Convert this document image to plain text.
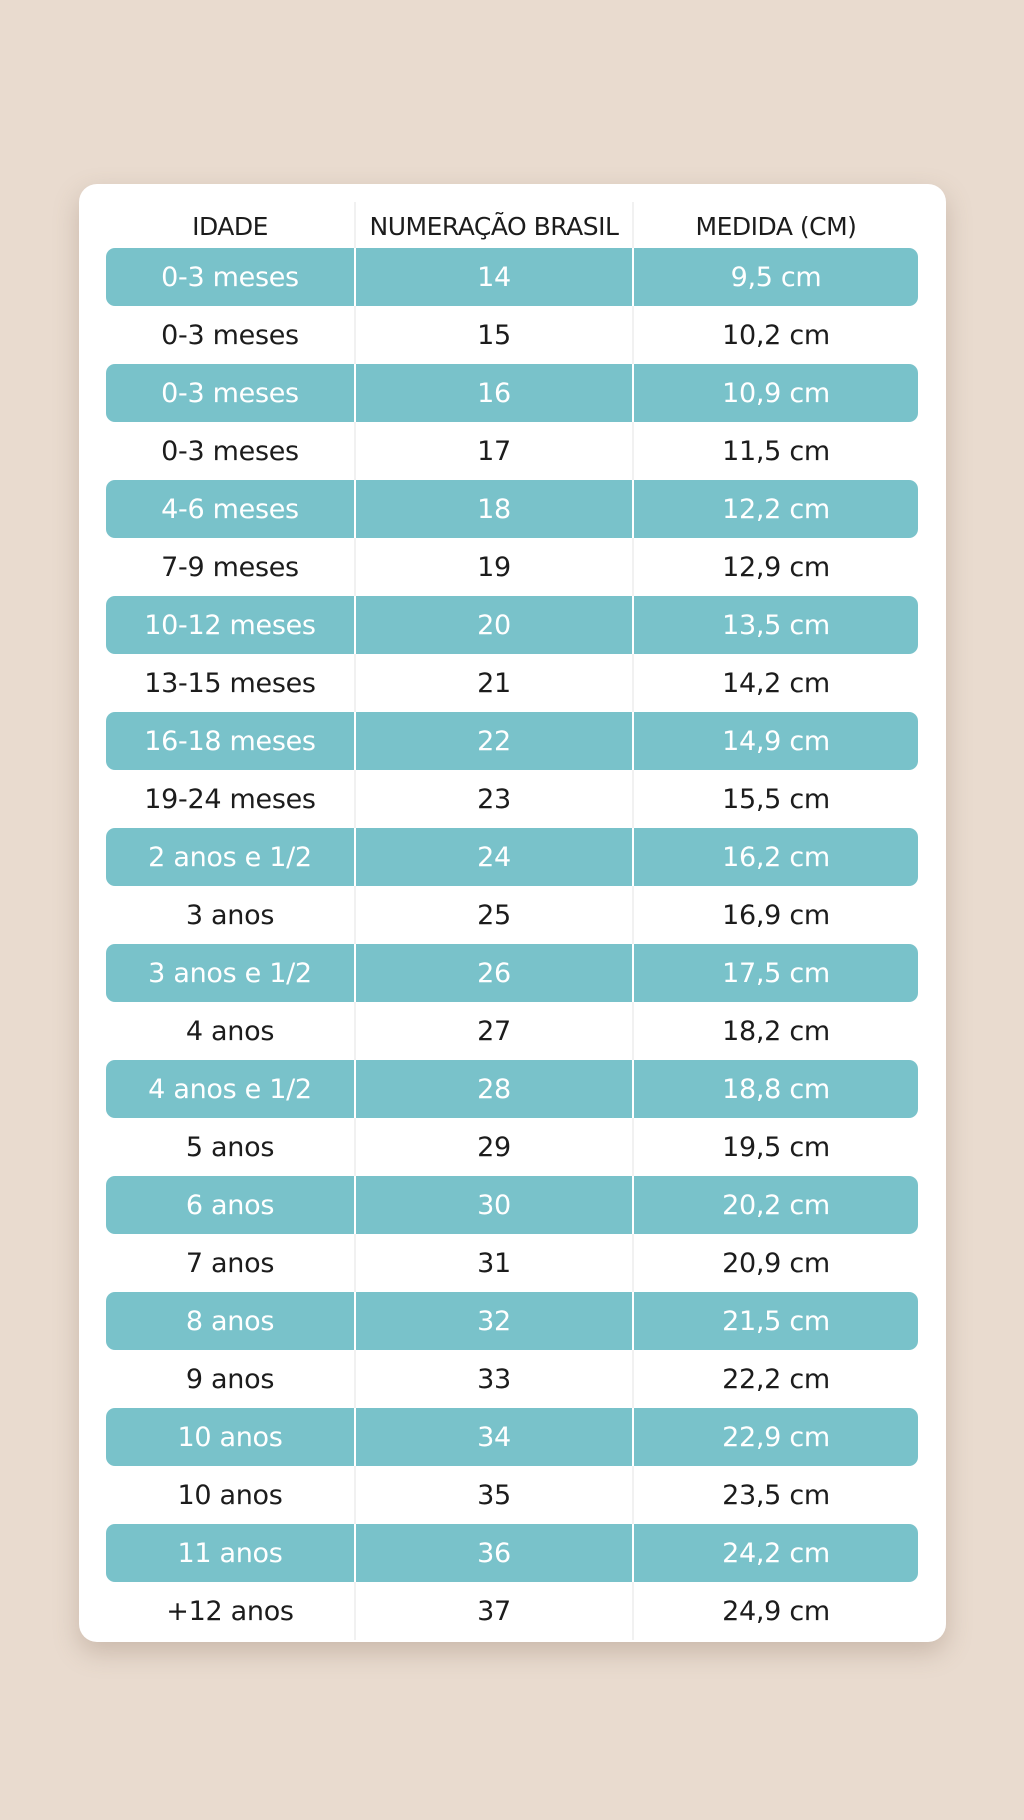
IDADE	NUMERAÇÃO BRASIL	MEDIDA (CM)
0-3 meses	14	9,5 cm
0-3 meses	15	10,2 cm
0-3 meses	16	10,9 cm
0-3 meses	17	11,5 cm
4-6 meses	18	12,2 cm
7-9 meses	19	12,9 cm
10-12 meses	20	13,5 cm
13-15 meses	21	14,2 cm
16-18 meses	22	14,9 cm
19-24 meses	23	15,5 cm
2 anos e 1/2	24	16,2 cm
3 anos	25	16,9 cm
3 anos e 1/2	26	17,5 cm
4 anos	27	18,2 cm
4 anos e 1/2	28	18,8 cm
5 anos	29	19,5 cm
6 anos	30	20,2 cm
7 anos	31	20,9 cm
8 anos	32	21,5 cm
9 anos	33	22,2 cm
10 anos	34	22,9 cm
10 anos	35	23,5 cm
11 anos	36	24,2 cm
+12 anos	37	24,9 cm
